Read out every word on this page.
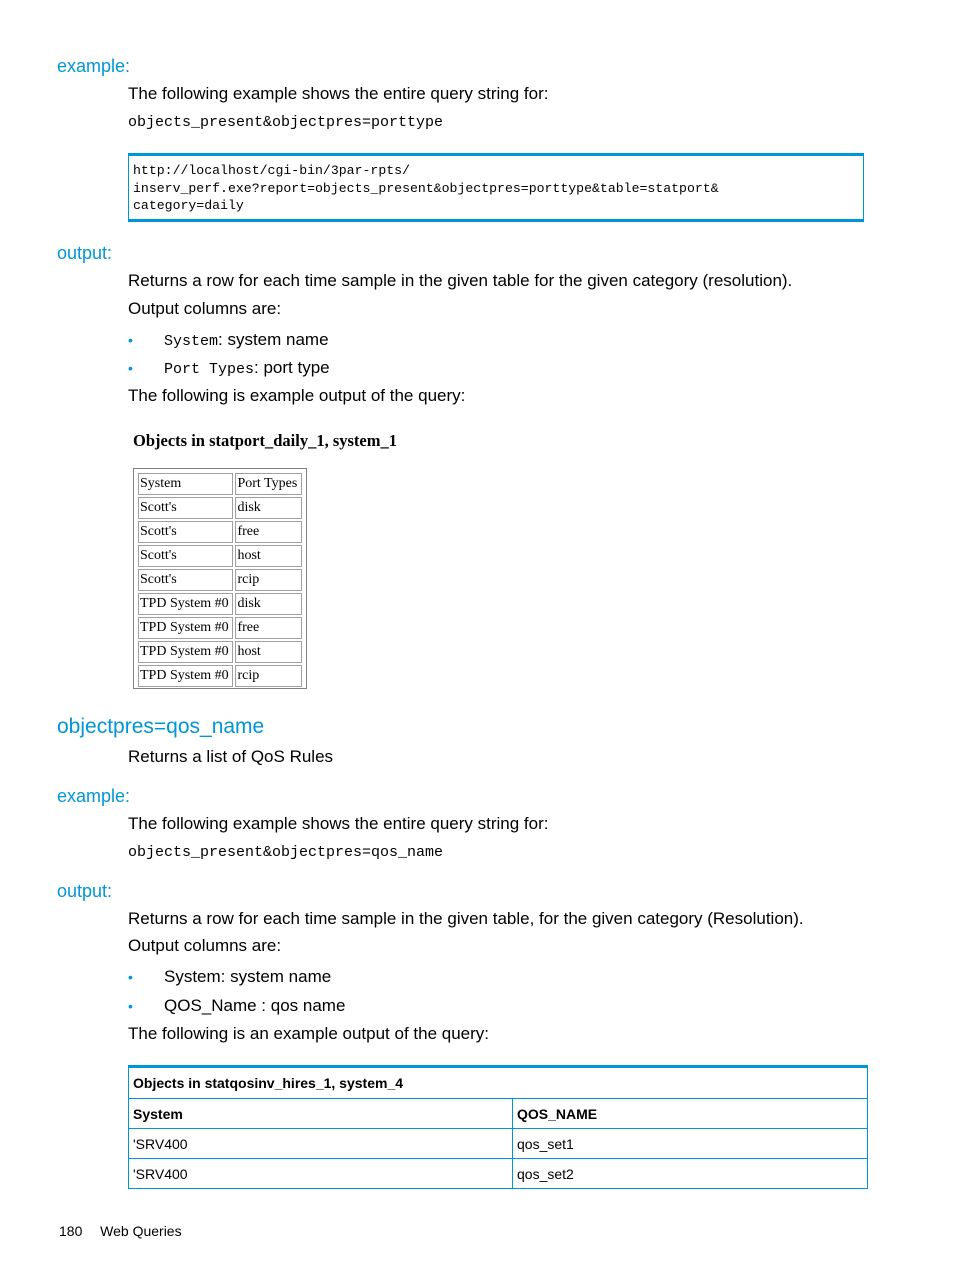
example:
The following example shows the entire query string for:
objects_present&objectpres=porttype
http://localhost/cgi-bin/3par-rpts/
inserv_perf.exe?report=objects_present&objectpres=porttype&table=statport&
category=daily
output:
Returns a row for each time sample in the given table for the given category (resolution).
Output columns are:
• System: system name
• Port Types: port type
The following is example output of the query:
Objects in statport_daily_1, system_1
System	Port Types
Scott's	disk
Scott's	free
Scott's	host
Scott's	rcip
TPD System #0	disk
TPD System #0	free
TPD System #0	host
TPD System #0	rcip
objectpres=qos_name
Returns a list of QoS Rules
example:
The following example shows the entire query string for:
objects_present&objectpres=qos_name
output:
Returns a row for each time sample in the given table, for the given category (Resolution).
Output columns are:
• System: system name
• QOS_Name : qos name
The following is an example output of the query:
Objects in statqosinv_hires_1, system_4	
System	QOS_NAME
'SRV400	qos_set1
'SRV400	qos_set2
180 Web Queries
